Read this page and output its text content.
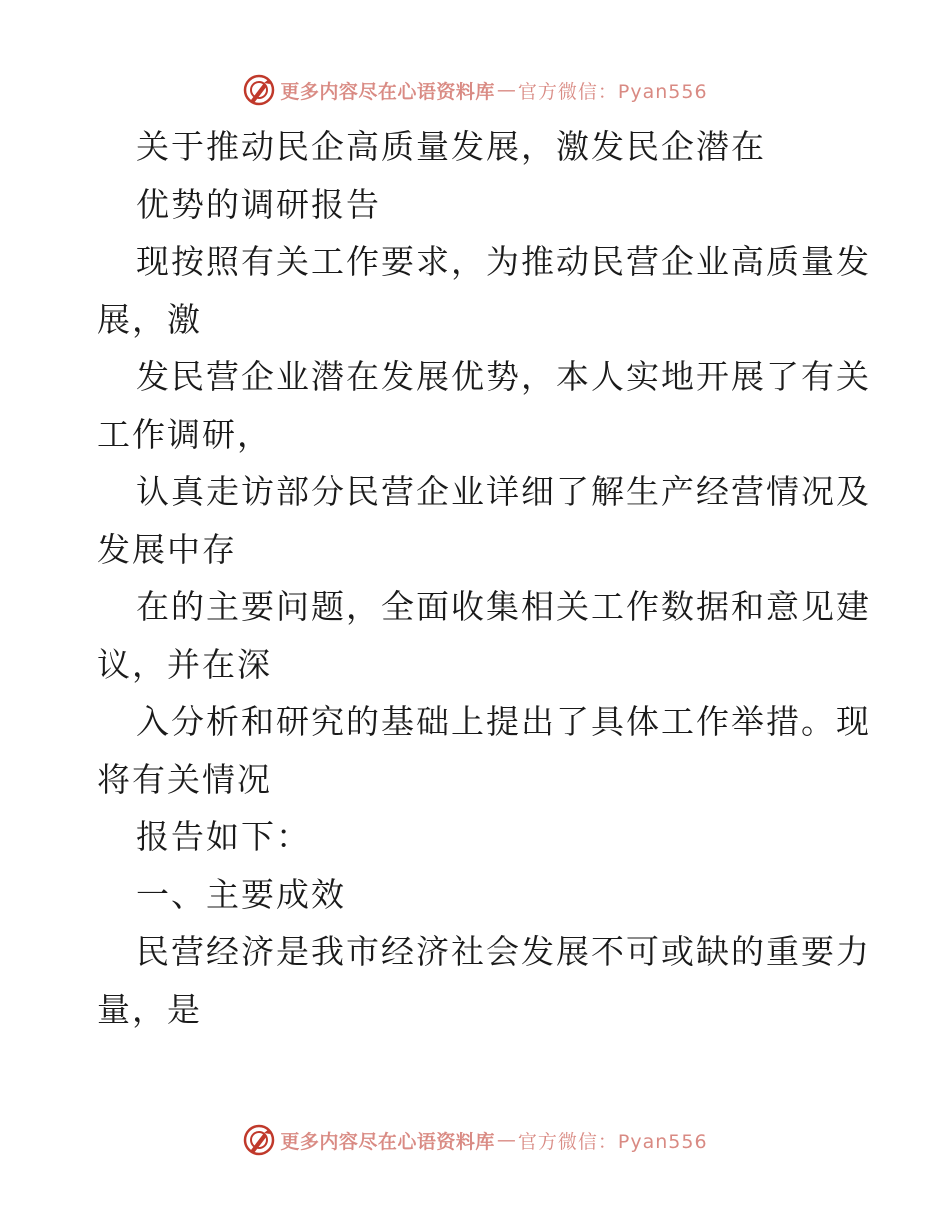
更多内容尽在心语资料库 — 官方微信：Pyan556
关于推动民企高质量发展，激发民企潜在
优势的调研报告
现按照有关工作要求，为推动民营企业高质量发
展，激
发民营企业潜在发展优势，本人实地开展了有关
工作调研，
认真走访部分民营企业详细了解生产经营情况及
发展中存
在的主要问题，全面收集相关工作数据和意见建
议，并在深
入分析和研究的基础上提出了具体工作举措。现
将有关情况
报告如下：
一、主要成效
民营经济是我市经济社会发展不可或缺的重要力
量，是
更多内容尽在心语资料库 — 官方微信：Pyan556
